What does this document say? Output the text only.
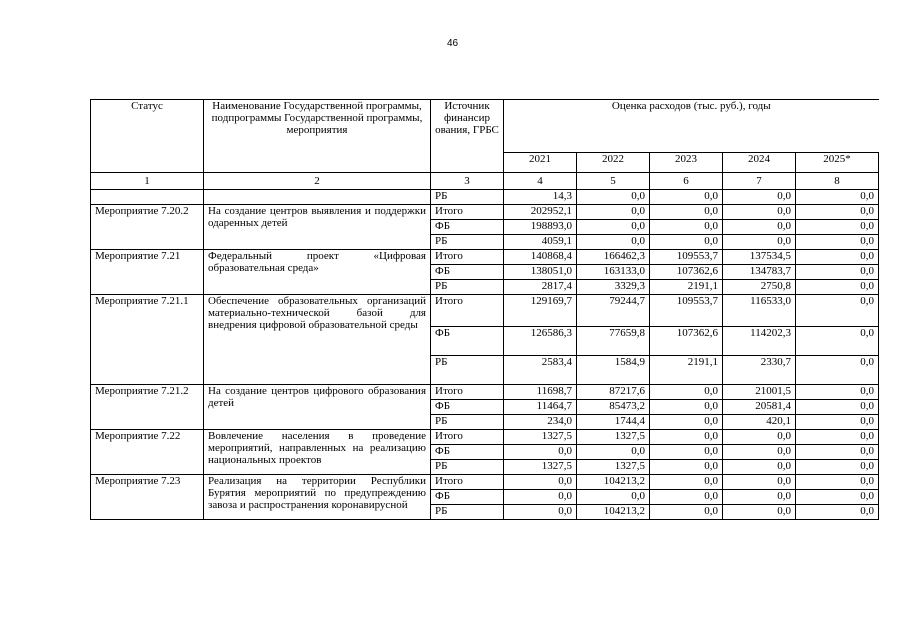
46
Статус	Наименование Государственной программы, подпрограммы Государственной программы, мероприятия	Источник финансир ования, ГРБС	Оценка расходов (тыс. руб.), годы				
			2021	2022	2023	2024	2025*
1	2	3	4	5	6	7	8
		РБ	14,3	0,0	0,0	0,0	0,0
Мероприятие 7.20.2	На создание центров выявления и поддержки одаренных детей	Итого	202952,1	0,0	0,0	0,0	0,0
		ФБ	198893,0	0,0	0,0	0,0	0,0
		РБ	4059,1	0,0	0,0	0,0	0,0
Мероприятие 7.21	Федеральный проект «Цифровая образовательная среда»	Итого	140868,4	166462,3	109553,7	137534,5	0,0
		ФБ	138051,0	163133,0	107362,6	134783,7	0,0
		РБ	2817,4	3329,3	2191,1	2750,8	0,0
Мероприятие 7.21.1	Обеспечение образовательных организаций материально-технической базой для внедрения цифровой образовательной среды	Итого	129169,7	79244,7	109553,7	116533,0	0,0
		ФБ	126586,3	77659,8	107362,6	114202,3	0,0
		РБ	2583,4	1584,9	2191,1	2330,7	0,0
Мероприятие 7.21.2	На создание центров цифрового образования детей	Итого	11698,7	87217,6	0,0	21001,5	0,0
		ФБ	11464,7	85473,2	0,0	20581,4	0,0
		РБ	234,0	1744,4	0,0	420,1	0,0
Мероприятие 7.22	Вовлечение населения в проведение мероприятий, направленных на реализацию национальных проектов	Итого	1327,5	1327,5	0,0	0,0	0,0
		ФБ	0,0	0,0	0,0	0,0	0,0
		РБ	1327,5	1327,5	0,0	0,0	0,0
Мероприятие 7.23	Реализация на территории Республики Бурятия мероприятий по предупреждению завоза и распространения коронавирусной	Итого	0,0	104213,2	0,0	0,0	0,0
		ФБ	0,0	0,0	0,0	0,0	0,0
		РБ	0,0	104213,2	0,0	0,0	0,0
